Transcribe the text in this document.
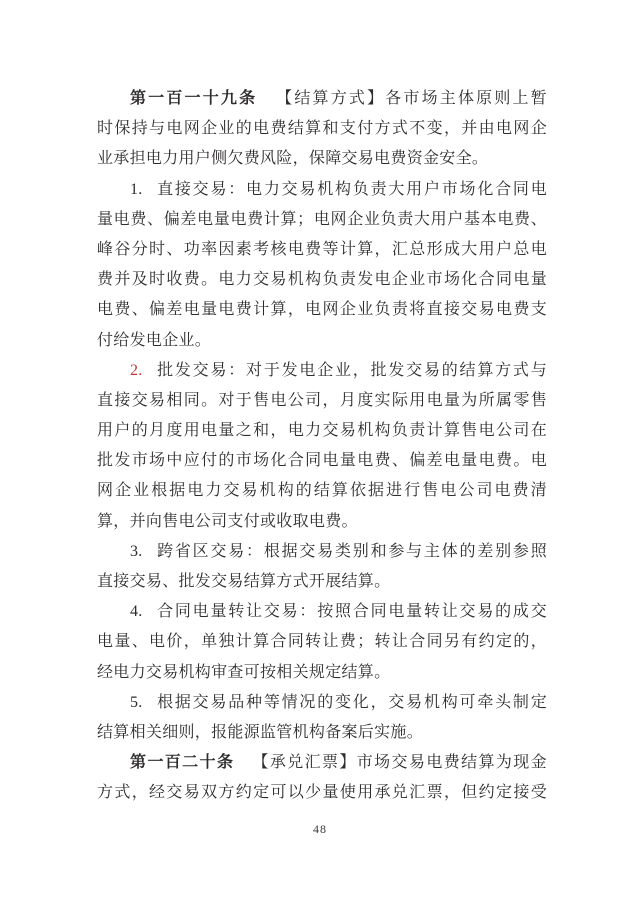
第一百一十九条 【结算方式】各市场主体原则上暂
时保持与电网企业的电费结算和支付方式不变，并由电网企
业承担电力用户侧欠费风险，保障交易电费资金安全。
1. 直接交易：电力交易机构负责大用户市场化合同电
量电费、偏差电量电费计算；电网企业负责大用户基本电费、
峰谷分时、功率因素考核电费等计算，汇总形成大用户总电
费并及时收费。电力交易机构负责发电企业市场化合同电量
电费、偏差电量电费计算，电网企业负责将直接交易电费支
付给发电企业。
2. 批发交易：对于发电企业，批发交易的结算方式与
直接交易相同。对于售电公司，月度实际用电量为所属零售
用户的月度用电量之和，电力交易机构负责计算售电公司在
批发市场中应付的市场化合同电量电费、偏差电量电费。电
网企业根据电力交易机构的结算依据进行售电公司电费清
算，并向售电公司支付或收取电费。
3. 跨省区交易：根据交易类别和参与主体的差别参照
直接交易、批发交易结算方式开展结算。
4. 合同电量转让交易：按照合同电量转让交易的成交
电量、电价，单独计算合同转让费；转让合同另有约定的，
经电力交易机构审查可按相关规定结算。
5. 根据交易品种等情况的变化，交易机构可牵头制定
结算相关细则，报能源监管机构备案后实施。
第一百二十条 【承兑汇票】市场交易电费结算为现金
方式，经交易双方约定可以少量使用承兑汇票，但约定接受
48
